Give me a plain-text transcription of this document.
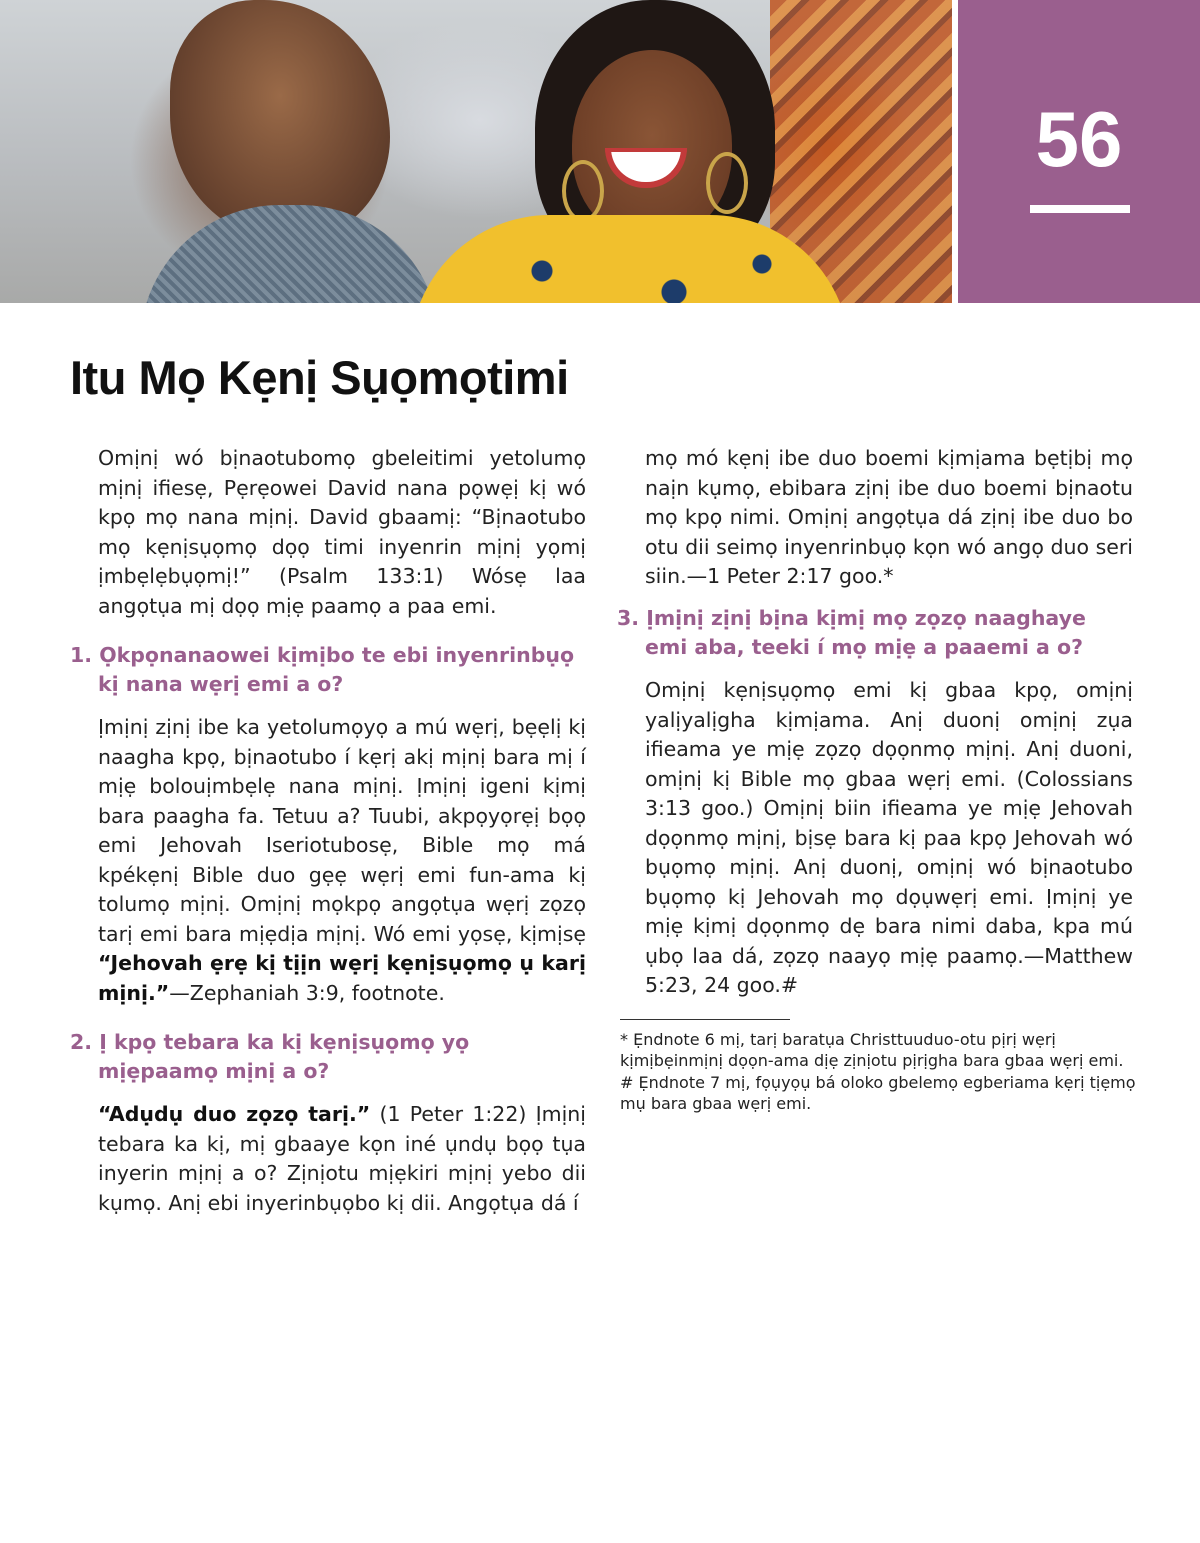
56
Itu Mọ Kẹnị Sụọmọtimi

Omịnị wó bịnaotubomọ gbeleitimi yetolumọ mịnị ifiesẹ, Pẹrẹowei David nana pọwẹị kị wó kpọ mọ nana mịnị. David gbaamị: “Bịnaotubo mọ kẹnịsụọmọ dọọ timi inyenrin mịnị yọmị ịmbẹlẹbụọmị!” (Psalm 133:1) Wósẹ laa angọtụa mị dọọ mịẹ paamọ a paa emi.

1. Ọkpọnanaowei kịmịbo te ebi inyenrinbụọ kị nana wẹrị emi a o?

Ịmịnị zịnị ibe ka yetolumọyọ a mú wẹrị, bẹẹlị kị naagha kpọ, bịnaotubo í kẹrị akị mịnị bara mị í mịẹ bolouịmbẹlẹ nana mịnị. Ịmịnị igeni kịmị bara paagha fa. Tetuu a? Tuubi, akpọyọrẹị bọọ emi Jehovah Iseriotubosẹ, Bible mọ má kpékẹnị Bible duo gẹẹ wẹrị emi fun-ama kị tolumọ mịnị. Omịnị mọkpọ angọtụa wẹrị zọzọ tarị emi bara mịẹdịa mịnị. Wó emi yọsẹ, kịmịsẹ “Jehovah ẹrẹ kị tịịn wẹrị kẹnịsụọmọ ụ karị mịnị.”—Zephaniah 3:9, footnote.

2. Ị kpọ tebara ka kị kẹnịsụọmọ yọ mịẹpaamọ mịnị a o?

“Adụdụ duo zọzọ tarị.” (1 Peter 1:22) Ịmịnị tebara ka kị, mị gbaaye kọn iné ụndụ bọọ tụa inyerin mịnị a o? Zịnịotu mịẹkiri mịnị yebo dii kụmọ. Anị ebi inyerinbụọbo kị dii. Angọtụa dá í

mọ mó kẹnị ibe duo boemi kịmịama bẹtịbị mọ naịn kụmọ, ebibara zịnị ibe duo boemi bịnaotu mọ kpọ nimi. Omịnị angọtụa dá zịnị ibe duo bo otu dii seimọ inyenrinbụọ kọn wó angọ duo seri siin.—1 Peter 2:17 goo.*

* Ẹndnote 6 mị, tarị baratụa Christtuuduo-otu pịrị wẹrị kịmịbẹinmịnị dọọn-ama dịẹ zịnịotu pịrịgha bara gbaa wẹrị emi.

# Ẹndnote 7 mị, fọụyọụ bá oloko gbelemọ egberiama kẹrị tịẹmọ mụ bara gbaa wẹrị emi.

3. Ịmịnị zịnị bịna kịmị mọ zọzọ naaghaye emi aba, teeki í mọ mịẹ a paaemi a o?

Omịnị kẹnịsụọmọ emi kị gbaa kpọ, omịnị yalịyalịgha kịmịama. Anị duonị omịnị zụa ifieama ye mịẹ zọzọ dọọnmọ mịnị. Anị duoni, omịnị kị Bible mọ gbaa wẹrị emi. (Colossians 3:13 goo.) Omịnị biin ifieama ye mịẹ Jehovah dọọnmọ mịnị, bịsẹ bara kị paa kpọ Jehovah wó bụọmọ mịnị. Anị duonị, omịnị wó bịnaotubo bụọmọ kị Jehovah mọ dọụwẹrị emi. Ịmịnị ye mịẹ kịmị dọọnmọ dẹ bara nimi daba, kpa mú ụbọ laa dá, zọzọ naayọ mịẹ paamọ.—Matthew 5:23, 24 goo.#
